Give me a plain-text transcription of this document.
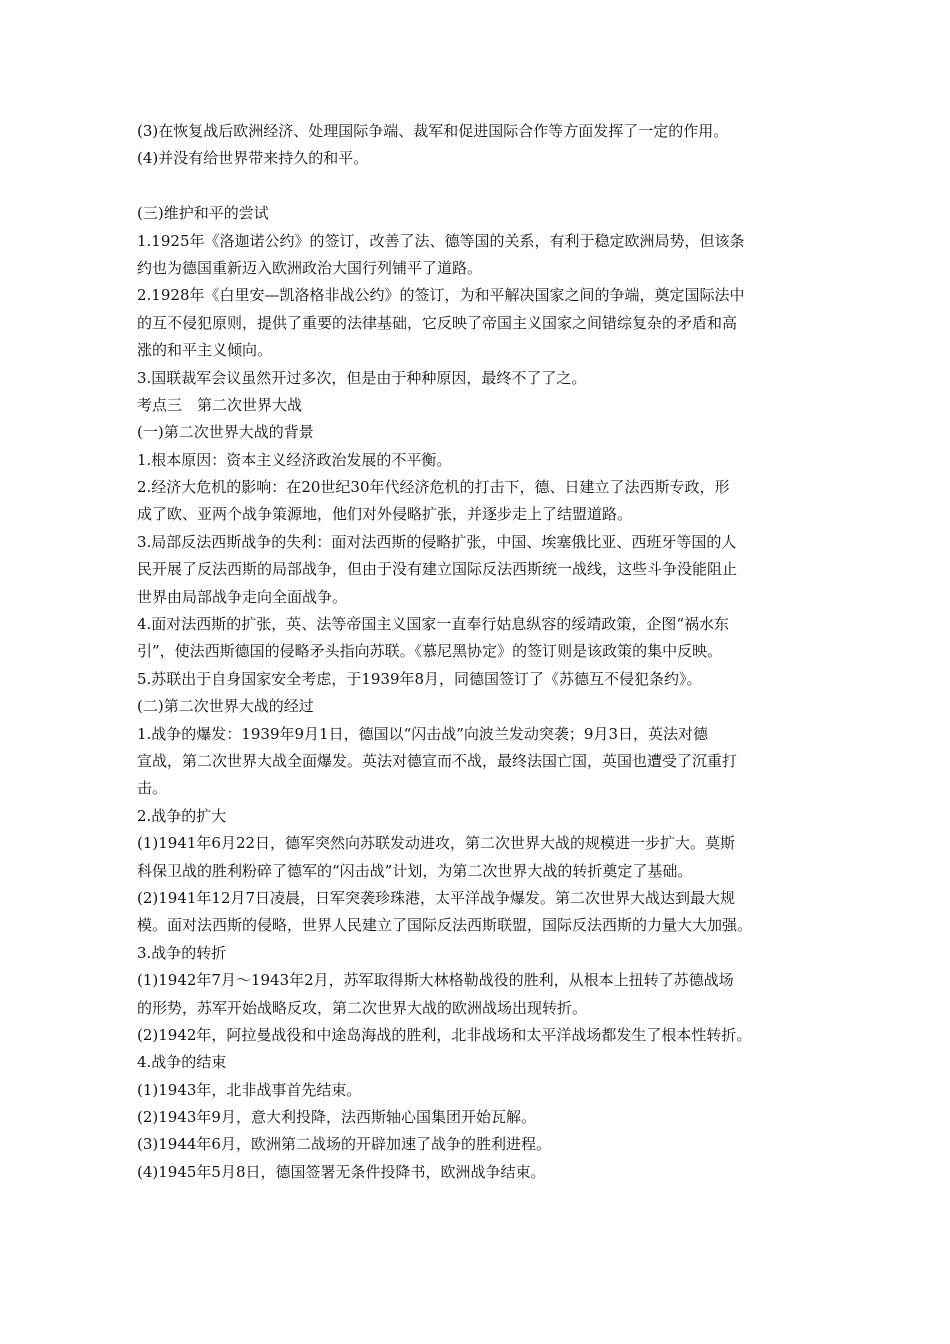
(3)在恢复战后欧洲经济、处理国际争端、裁军和促进国际合作等方面发挥了一定的作用。
(4)并没有给世界带来持久的和平。
(三)维护和平的尝试
1.1925年《洛迦诺公约》的签订，改善了法、德等国的关系，有利于稳定欧洲局势，但该条
约也为德国重新迈入欧洲政治大国行列铺平了道路。
2.1928年《白里安—凯洛格非战公约》的签订，为和平解决国家之间的争端，奠定国际法中
的互不侵犯原则，提供了重要的法律基础，它反映了帝国主义国家之间错综复杂的矛盾和高
涨的和平主义倾向。
3.国联裁军会议虽然开过多次，但是由于种种原因，最终不了了之。
考点三　第二次世界大战
(一)第二次世界大战的背景
1.根本原因：资本主义经济政治发展的不平衡。
2.经济大危机的影响：在20世纪30年代经济危机的打击下，德、日建立了法西斯专政，形
成了欧、亚两个战争策源地，他们对外侵略扩张，并逐步走上了结盟道路。
3.局部反法西斯战争的失利：面对法西斯的侵略扩张，中国、埃塞俄比亚、西班牙等国的人
民开展了反法西斯的局部战争，但由于没有建立国际反法西斯统一战线，这些斗争没能阻止
世界由局部战争走向全面战争。
4.面对法西斯的扩张，英、法等帝国主义国家一直奉行姑息纵容的绥靖政策，企图“祸水东
引”，使法西斯德国的侵略矛头指向苏联。《慕尼黑协定》的签订则是该政策的集中反映。
5.苏联出于自身国家安全考虑，于1939年8月，同德国签订了《苏德互不侵犯条约》。
(二)第二次世界大战的经过
1.战争的爆发：1939年9月1日，德国以“闪击战”向波兰发动突袭；9月3日，英法对德
宣战，第二次世界大战全面爆发。英法对德宣而不战，最终法国亡国，英国也遭受了沉重打
击。
2.战争的扩大
(1)1941年6月22日，德军突然向苏联发动进攻，第二次世界大战的规模进一步扩大。莫斯
科保卫战的胜利粉碎了德军的“闪击战”计划，为第二次世界大战的转折奠定了基础。
(2)1941年12月7日凌晨，日军突袭珍珠港，太平洋战争爆发。第二次世界大战达到最大规
模。面对法西斯的侵略，世界人民建立了国际反法西斯联盟，国际反法西斯的力量大大加强。
3.战争的转折
(1)1942年7月～1943年2月，苏军取得斯大林格勒战役的胜利，从根本上扭转了苏德战场
的形势，苏军开始战略反攻，第二次世界大战的欧洲战场出现转折。
(2)1942年，阿拉曼战役和中途岛海战的胜利，北非战场和太平洋战场都发生了根本性转折。
4.战争的结束
(1)1943年，北非战事首先结束。
(2)1943年9月，意大利投降，法西斯轴心国集团开始瓦解。
(3)1944年6月，欧洲第二战场的开辟加速了战争的胜利进程。
(4)1945年5月8日，德国签署无条件投降书，欧洲战争结束。
